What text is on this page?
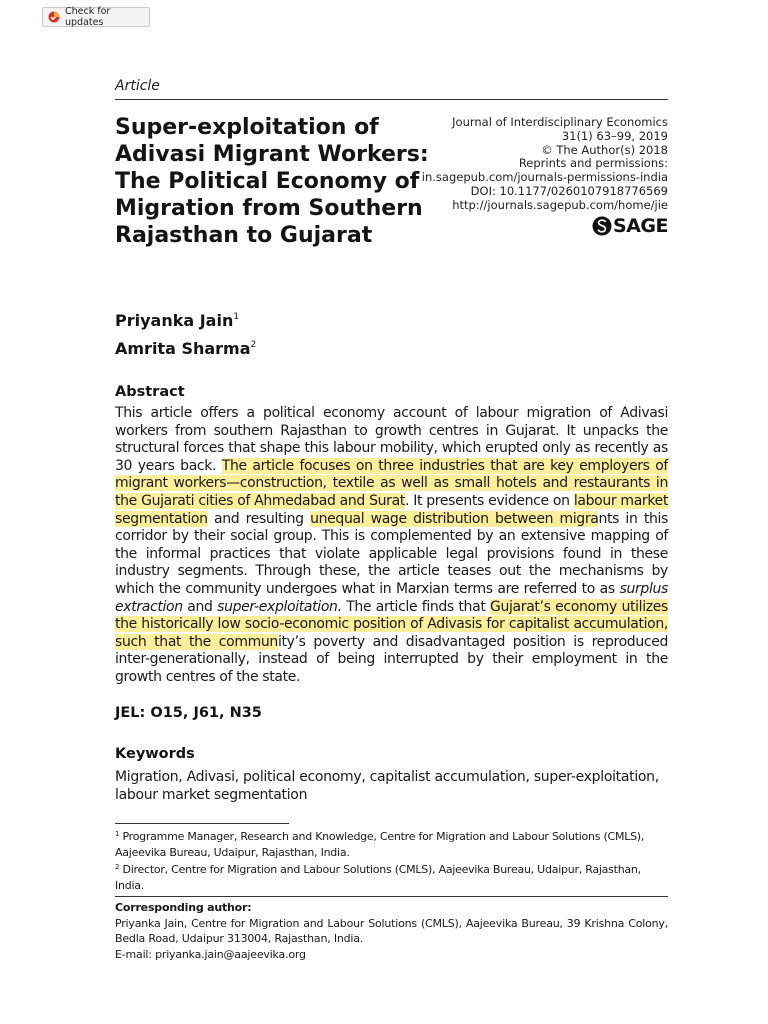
Check for updates
Article
Super-exploitation of Adivasi Migrant Workers: The Political Economy of Migration from Southern Rajasthan to Gujarat
Journal of Interdisciplinary Economics
31(1) 63–99, 2019
© The Author(s) 2018
Reprints and permissions:
in.sagepub.com/journals-permissions-india
DOI: 10.1177/0260107918776569
http://journals.sagepub.com/home/jie
SAGE
Priyanka Jain$^1$
Amrita Sharma$^2$
Abstract

This article offers a political economy account of labour migration of Adivasi workers from southern Rajasthan to growth centres in Gujarat. It unpacks the structural forces that shape this labour mobility, which erupted only as recently as 30 years back. The article focuses on three industries that are key employers of migrant workers—construction, textile as well as small hotels and restaurants in the Gujarati cities of Ahmedabad and Surat. It presents evidence on labour market segmentation and resulting unequal wage distribution between migrants in this corridor by their social group. This is complemented by an extensive mapping of the informal practices that violate applicable legal provisions found in these industry segments. Through these, the article teases out the mechanisms by which the community undergoes what in Marxian terms are referred to as surplus extraction and super-exploitation. The article finds that Gujarat’s economy utilizes the historically low socio-economic position of Adivasis for capitalist accumulation, such that the community’s poverty and disadvantaged position is reproduced inter-generationally, instead of being interrupted by their employment in the growth centres of the state.

JEL: O15, J61, N35
Keywords
Migration, Adivasi, political economy, capitalist accumulation, super-exploitation, labour market segmentation
$^1$ Programme Manager, Research and Knowledge, Centre for Migration and Labour Solutions (CMLS), Aajeevika Bureau, Udaipur, Rajasthan, India.
$^2$ Director, Centre for Migration and Labour Solutions (CMLS), Aajeevika Bureau, Udaipur, Rajasthan, India.
Corresponding author:
Priyanka Jain, Centre for Migration and Labour Solutions (CMLS), Aajeevika Bureau, 39 Krishna Colony, Bedla Road, Udaipur 313004, Rajasthan, India.
E-mail: priyanka.jain@aajeevika.org
